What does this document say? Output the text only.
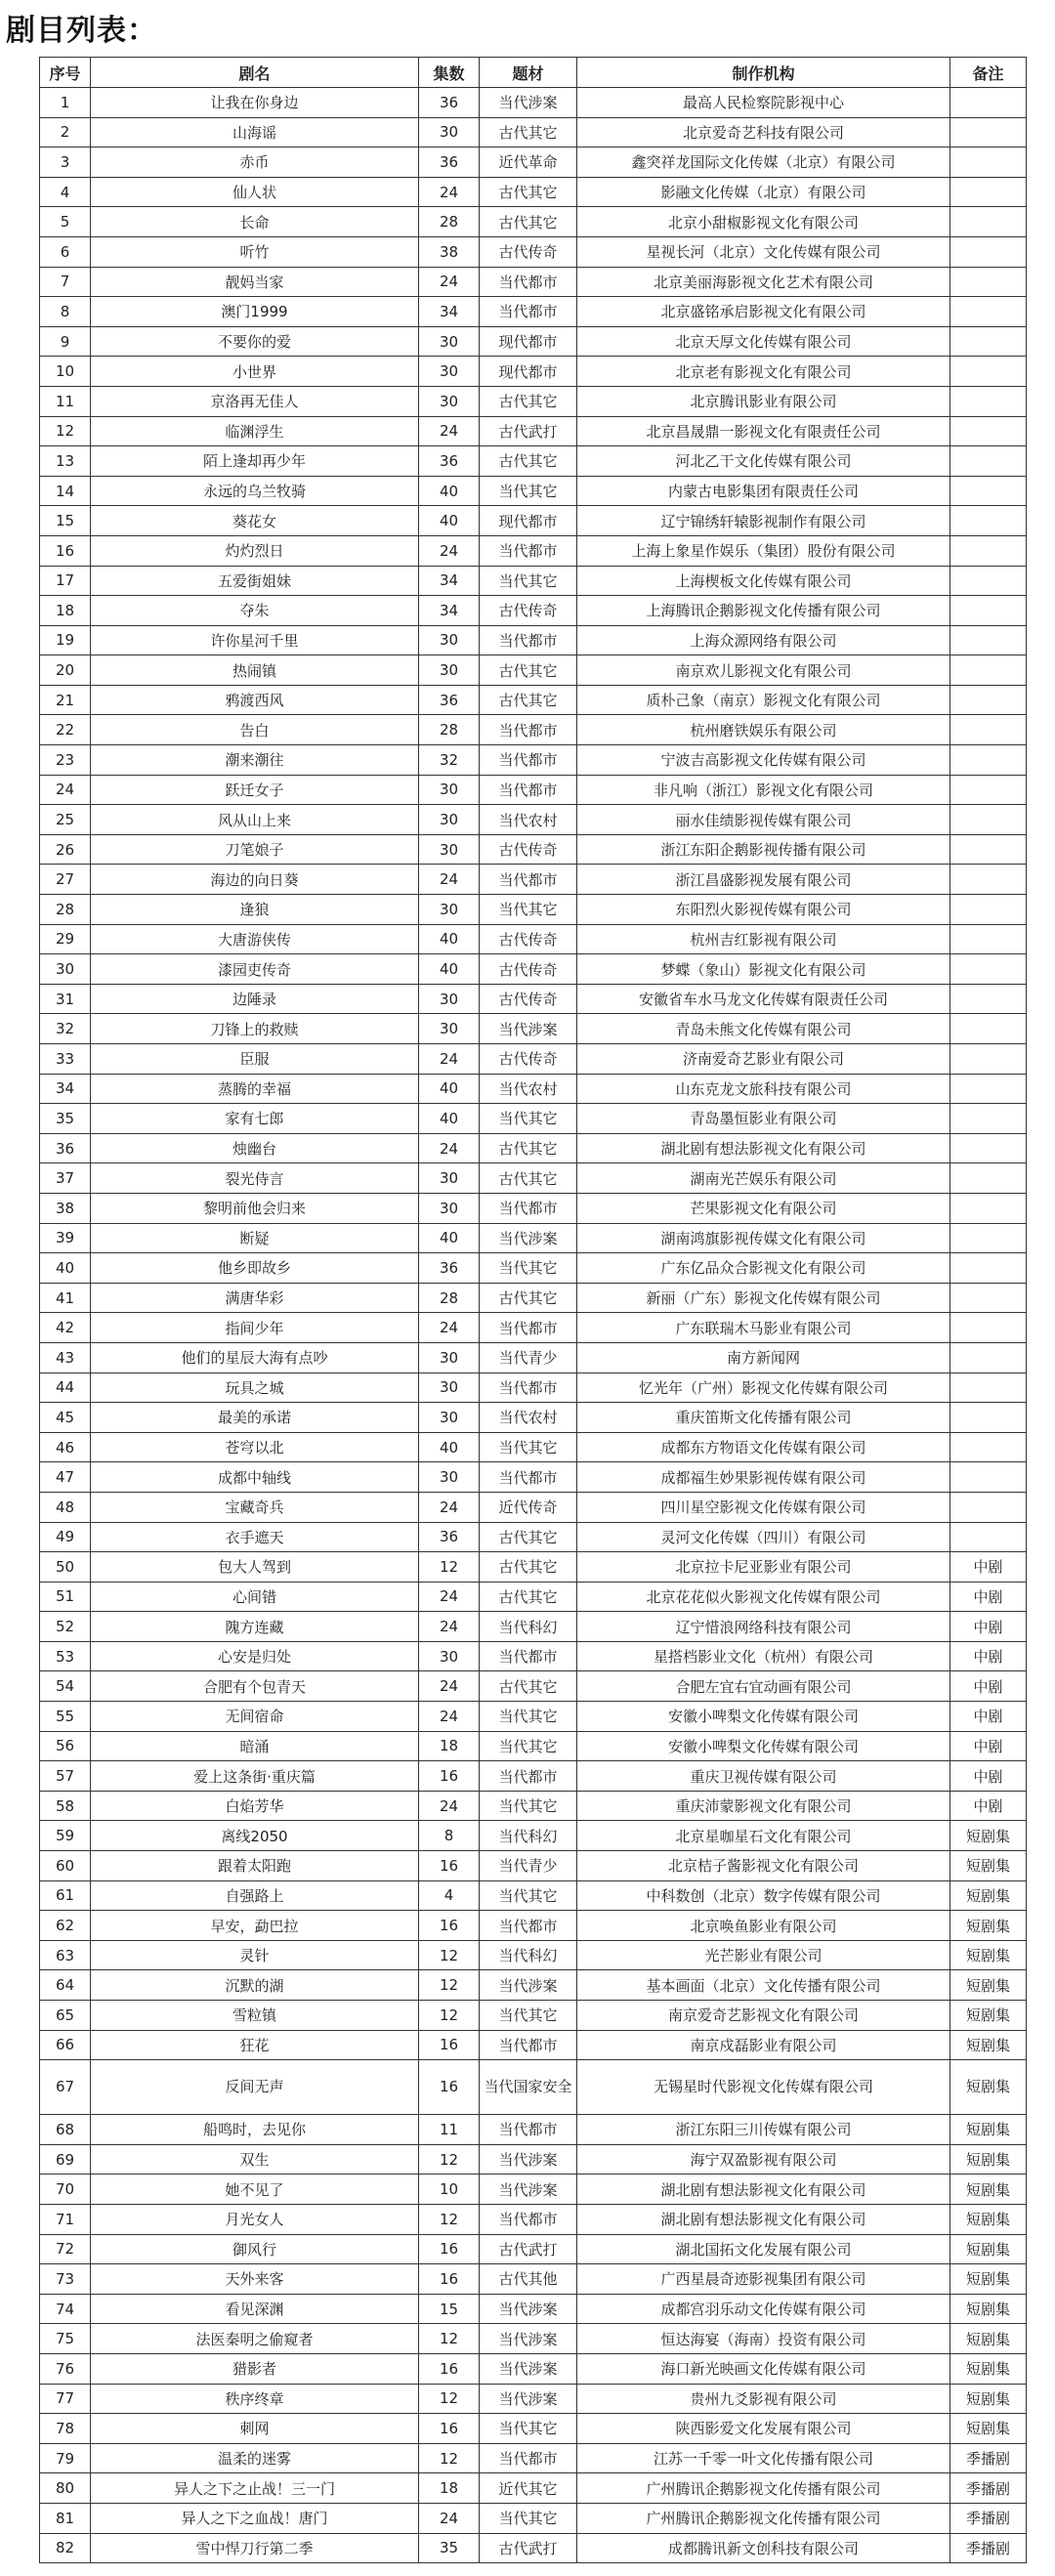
剧目列表：
序号	剧名	集数	题材	制作机构	备注
1	让我在你身边	36	当代涉案	最高人民检察院影视中心	
2	山海谣	30	古代其它	北京爱奇艺科技有限公司	
3	赤币	36	近代革命	鑫突祥龙国际文化传媒（北京）有限公司	
4	仙人状	24	古代其它	影融文化传媒（北京）有限公司	
5	长命	28	古代其它	北京小甜椒影视文化有限公司	
6	听竹	38	古代传奇	星视长河（北京）文化传媒有限公司	
7	靓妈当家	24	当代都市	北京美丽海影视文化艺术有限公司	
8	澳门1999	34	当代都市	北京盛铭承启影视文化有限公司	
9	不要你的爱	30	现代都市	北京天厚文化传媒有限公司	
10	小世界	30	现代都市	北京老有影视文化有限公司	
11	京洛再无佳人	30	古代其它	北京腾讯影业有限公司	
12	临渊浮生	24	古代武打	北京昌晟鼎一影视文化有限责任公司	
13	陌上逢却再少年	36	古代其它	河北乙干文化传媒有限公司	
14	永远的乌兰牧骑	40	当代其它	内蒙古电影集团有限责任公司	
15	葵花女	40	现代都市	辽宁锦绣轩辕影视制作有限公司	
16	灼灼烈日	24	当代都市	上海上象星作娱乐（集团）股份有限公司	
17	五爱街姐妹	34	当代其它	上海楔板文化传媒有限公司	
18	夺朱	34	古代传奇	上海腾讯企鹅影视文化传播有限公司	
19	许你星河千里	30	当代都市	上海众源网络有限公司	
20	热闹镇	30	古代其它	南京欢儿影视文化有限公司	
21	鸦渡西风	36	古代其它	质朴己象（南京）影视文化有限公司	
22	告白	28	当代都市	杭州磨铁娱乐有限公司	
23	潮来潮往	32	当代都市	宁波吉高影视文化传媒有限公司	
24	跃迁女子	30	当代都市	非凡响（浙江）影视文化有限公司	
25	风从山上来	30	当代农村	丽水佳绩影视传媒有限公司	
26	刀笔娘子	30	古代传奇	浙江东阳企鹅影视传播有限公司	
27	海边的向日葵	24	当代都市	浙江昌盛影视发展有限公司	
28	逢狼	30	当代其它	东阳烈火影视传媒有限公司	
29	大唐游侠传	40	古代传奇	杭州吉红影视有限公司	
30	漆园吏传奇	40	古代传奇	梦蝶（象山）影视文化有限公司	
31	边陲录	30	古代传奇	安徽省车水马龙文化传媒有限责任公司	
32	刀锋上的救赎	30	当代涉案	青岛未熊文化传媒有限公司	
33	臣服	24	古代传奇	济南爱奇艺影业有限公司	
34	蒸腾的幸福	40	当代农村	山东克龙文旅科技有限公司	
35	家有七郎	40	当代其它	青岛墨恒影业有限公司	
36	烛幽台	24	古代其它	湖北剧有想法影视文化有限公司	
37	裂光侍言	30	古代其它	湖南光芒娱乐有限公司	
38	黎明前他会归来	30	当代都市	芒果影视文化有限公司	
39	断疑	40	当代涉案	湖南鸿旗影视传媒文化有限公司	
40	他乡即故乡	36	当代其它	广东亿品众合影视文化有限公司	
41	满唐华彩	28	古代其它	新丽（广东）影视文化传媒有限公司	
42	指间少年	24	当代都市	广东联瑞木马影业有限公司	
43	他们的星辰大海有点吵	30	当代青少	南方新闻网	
44	玩具之城	30	当代都市	忆光年（广州）影视文化传媒有限公司	
45	最美的承诺	30	当代农村	重庆笛斯文化传播有限公司	
46	苍穹以北	40	当代其它	成都东方物语文化传媒有限公司	
47	成都中轴线	30	当代都市	成都福生妙果影视传媒有限公司	
48	宝藏奇兵	24	近代传奇	四川星空影视文化传媒有限公司	
49	衣手遮天	36	古代其它	灵河文化传媒（四川）有限公司	
50	包大人驾到	12	古代其它	北京拉卡尼亚影业有限公司	中剧
51	心间错	24	古代其它	北京花花似火影视文化传媒有限公司	中剧
52	隗方连藏	24	当代科幻	辽宁惜浪网络科技有限公司	中剧
53	心安是归处	30	当代都市	星搭档影业文化（杭州）有限公司	中剧
54	合肥有个包青天	24	古代其它	合肥左宜右宜动画有限公司	中剧
55	无间宿命	24	当代其它	安徽小啤梨文化传媒有限公司	中剧
56	暗涌	18	当代其它	安徽小啤梨文化传媒有限公司	中剧
57	爱上这条街·重庆篇	16	当代都市	重庆卫视传媒有限公司	中剧
58	白焰芳华	24	当代其它	重庆沛蒙影视文化有限公司	中剧
59	离线2050	8	当代科幻	北京星咖星石文化有限公司	短剧集
60	跟着太阳跑	16	当代青少	北京桔子酱影视文化有限公司	短剧集
61	自强路上	4	当代其它	中科数创（北京）数字传媒有限公司	短剧集
62	早安，勐巴拉	16	当代都市	北京唤鱼影业有限公司	短剧集
63	灵针	12	当代科幻	光芒影业有限公司	短剧集
64	沉默的湖	12	当代涉案	基本画面（北京）文化传播有限公司	短剧集
65	雪粒镇	12	当代其它	南京爱奇艺影视文化有限公司	短剧集
66	狂花	16	当代都市	南京戍磊影业有限公司	短剧集
67	反间无声	16	当代国家安全	无锡星时代影视文化传媒有限公司	短剧集
68	船鸣时，去见你	11	当代都市	浙江东阳三川传媒有限公司	短剧集
69	双生	12	当代涉案	海宁双盈影视有限公司	短剧集
70	她不见了	10	当代涉案	湖北剧有想法影视文化有限公司	短剧集
71	月光女人	12	当代都市	湖北剧有想法影视文化有限公司	短剧集
72	御风行	16	古代武打	湖北国拓文化发展有限公司	短剧集
73	天外来客	16	古代其他	广西星晨奇迹影视集团有限公司	短剧集
74	看见深渊	15	当代涉案	成都宫羽乐动文化传媒有限公司	短剧集
75	法医秦明之偷窥者	12	当代涉案	恒达海宴（海南）投资有限公司	短剧集
76	猎影者	16	当代涉案	海口新光映画文化传媒有限公司	短剧集
77	秩序终章	12	当代涉案	贵州九爻影视有限公司	短剧集
78	刺网	16	当代其它	陕西影爱文化发展有限公司	短剧集
79	温柔的迷雾	12	当代都市	江苏一千零一叶文化传播有限公司	季播剧
80	异人之下之止战！三一门	18	近代其它	广州腾讯企鹅影视文化传播有限公司	季播剧
81	异人之下之血战！唐门	24	当代其它	广州腾讯企鹅影视文化传播有限公司	季播剧
82	雪中悍刀行第二季	35	古代武打	成都腾讯新文创科技有限公司	季播剧
